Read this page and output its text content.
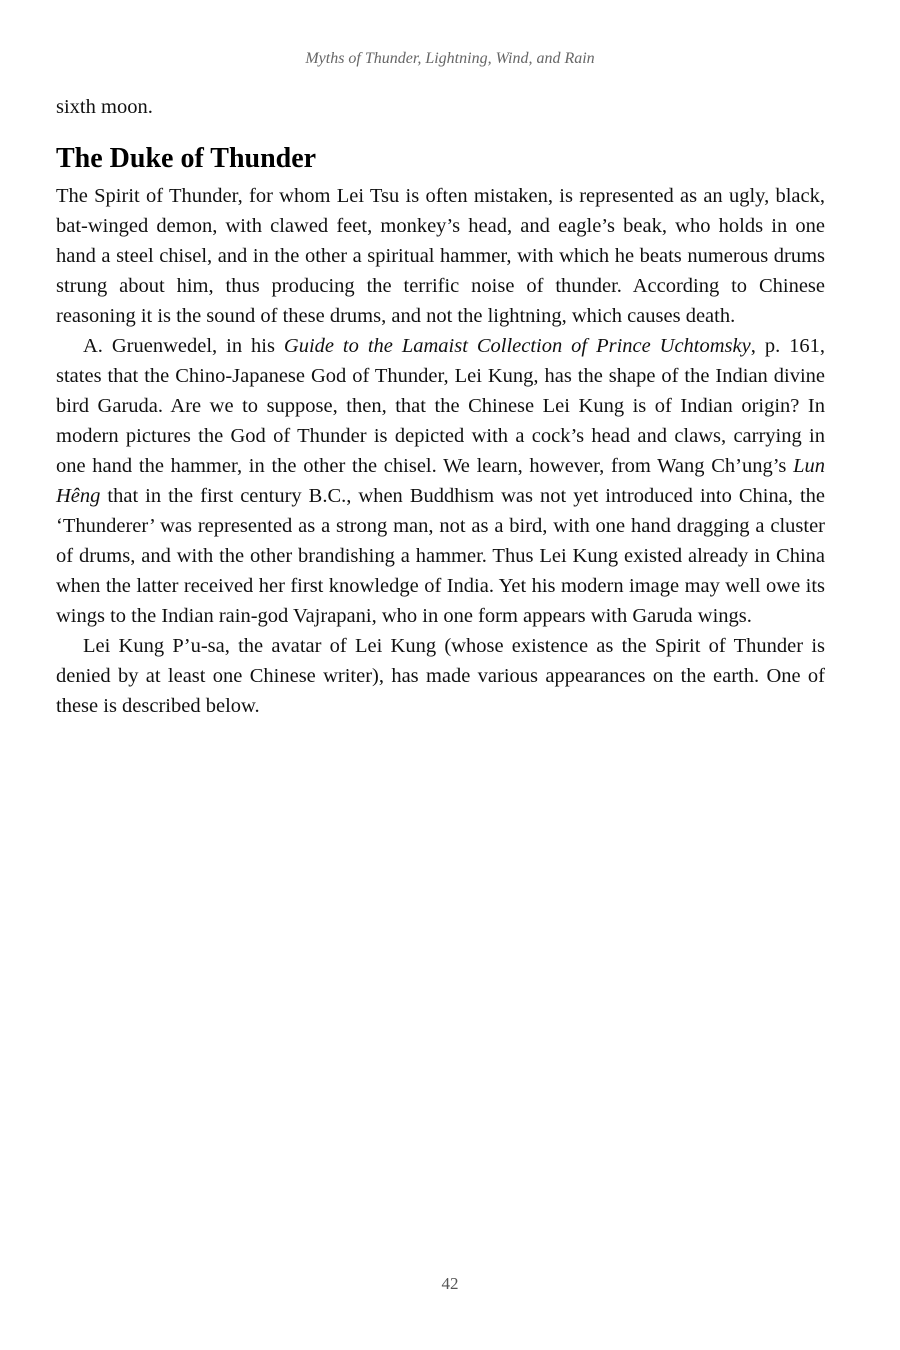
Myths of Thunder, Lightning, Wind, and Rain

sixth moon.

The Duke of Thunder

The Spirit of Thunder, for whom Lei Tsu is often mistaken, is represented as an ugly, black, bat-winged demon, with clawed feet, monkey’s head, and eagle’s beak, who holds in one hand a steel chisel, and in the other a spiritual hammer, with which he beats numerous drums strung about him, thus producing the terrific noise of thunder. According to Chinese reasoning it is the sound of these drums, and not the lightning, which causes death.

A. Gruenwedel, in his Guide to the Lamaist Collection of Prince Uchtomsky, p. 161, states that the Chino-Japanese God of Thunder, Lei Kung, has the shape of the Indian divine bird Garuda. Are we to suppose, then, that the Chinese Lei Kung is of Indian origin? In modern pictures the God of Thunder is depicted with a cock’s head and claws, carrying in one hand the hammer, in the other the chisel. We learn, however, from Wang Ch’ung’s Lun Hêng that in the first century B.C., when Buddhism was not yet introduced into China, the ‘Thunderer’ was represented as a strong man, not as a bird, with one hand dragging a cluster of drums, and with the other brandishing a hammer. Thus Lei Kung existed already in China when the latter received her first knowledge of India. Yet his modern image may well owe its wings to the Indian rain-god Vajrapani, who in one form appears with Garuda wings.

Lei Kung P’u-sa, the avatar of Lei Kung (whose existence as the Spirit of Thunder is denied by at least one Chinese writer), has made various appearances on the earth. One of these is described below.

42
